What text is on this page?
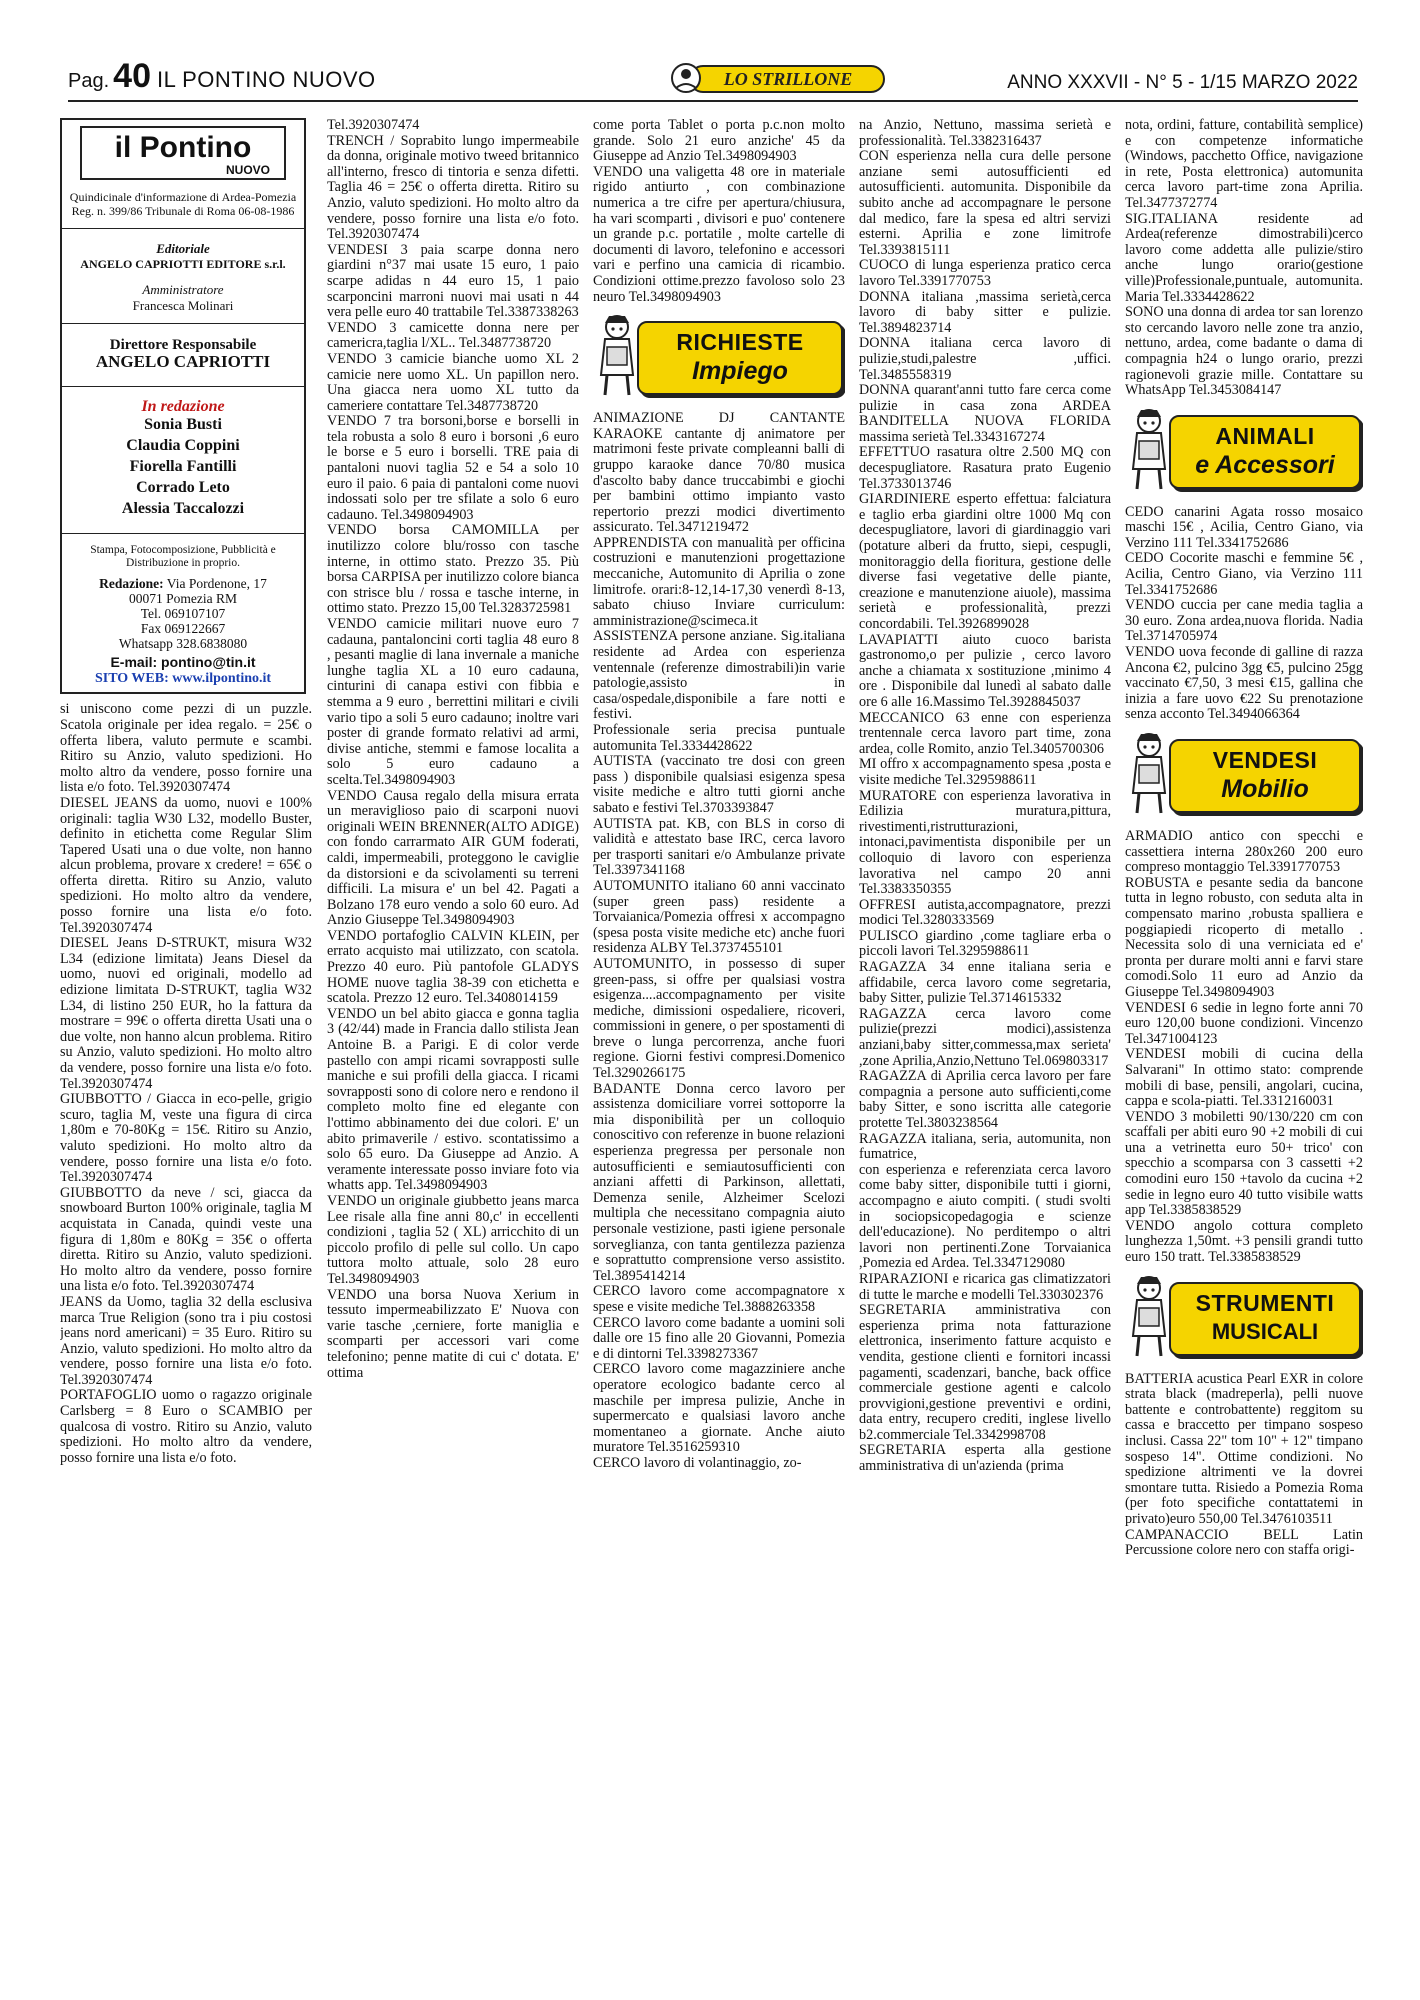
Pag. 40 IL PONTINO NUOVO	LO STRILLONE	ANNO XXXVII - N° 5 - 1/15 MARZO 2022
il Pontino
NUOVO
Quindicinale d'informazione di Ardea-Pomezia Reg. n. 399/86 Tribunale di Roma 06-08-1986
Editoriale
ANGELO CAPRIOTTI EDITORE s.r.l.
Amministratore
Francesca Molinari
Direttore Responsabile
ANGELO CAPRIOTTI
In redazione
Sonia Busti
Claudia Coppini
Fiorella Fantilli
Corrado Leto
Alessia Taccalozzi
Stampa, Fotocomposizione, Pubblicità e Distribuzione in proprio.
Redazione: Via Pordenone, 17
00071 Pomezia RM
Tel. 069107107
Fax 069122667
Whatsapp 328.6838080
E-mail: pontino@tin.it
SITO WEB: www.ilpontino.it

si uniscono come pezzi di un puzzle. Scatola originale per idea regalo. = 25€ o offerta libera, valuto permute e scambi. Ritiro su Anzio, valuto spedizioni. Ho molto altro da vendere, posso fornire una lista e/o foto. Tel.3920307474

DIESEL JEANS da uomo, nuovi e 100% originali: taglia W30 L32, modello Buster, definito in etichetta come Regular Slim Tapered Usati una o due volte, non hanno alcun problema, provare x credere! = 65€ o offerta diretta. Ritiro su Anzio, valuto spedizioni. Ho molto altro da vendere, posso fornire una lista e/o foto. Tel.3920307474

DIESEL Jeans D-STRUKT, misura W32 L34 (edizione limitata) Jeans Diesel da uomo, nuovi ed originali, modello ad edizione limitata D-STRUKT, taglia W32 L34, di listino 250 EUR, ho la fattura da mostrare = 99€ o offerta diretta Usati una o due volte, non hanno alcun problema. Ritiro su Anzio, valuto spedizioni. Ho molto altro da vendere, posso fornire una lista e/o foto. Tel.3920307474

GIUBBOTTO / Giacca in eco-pelle, grigio scuro, taglia M, veste una figura di circa 1,80m e 70-80Kg = 15€. Ritiro su Anzio, valuto spedizioni. Ho molto altro da vendere, posso fornire una lista e/o foto. Tel.3920307474

GIUBBOTTO da neve / sci, giacca da snowboard Burton 100% originale, taglia M acquistata in Canada, quindi veste una figura di 1,80m e 80Kg = 35€ o offerta diretta. Ritiro su Anzio, valuto spedizioni. Ho molto altro da vendere, posso fornire una lista e/o foto. Tel.3920307474

JEANS da Uomo, taglia 32 della esclusiva marca True Religion (sono tra i piu costosi jeans nord americani) = 35 Euro. Ritiro su Anzio, valuto spedizioni. Ho molto altro da vendere, posso fornire una lista e/o foto. Tel.3920307474

PORTAFOGLIO uomo o ragazzo originale Carlsberg = 8 Euro o SCAMBIO per qualcosa di vostro. Ritiro su Anzio, valuto spedizioni. Ho molto altro da vendere, posso fornire una lista e/o foto.

Tel.3920307474

TRENCH / Soprabito lungo impermeabile da donna, originale motivo tweed britannico all'interno, fresco di tintoria e senza difetti. Taglia 46 = 25€ o offerta diretta. Ritiro su Anzio, valuto spedizioni. Ho molto altro da vendere, posso fornire una lista e/o foto. Tel.3920307474

VENDESI 3 paia scarpe donna nero giardini n°37 mai usate 15 euro, 1 paio scarpe adidas n 44 euro 15, 1 paio scarponcini marroni nuovi mai usati n 44 vera pelle euro 40 trattabile Tel.3387338263

VENDO 3 camicette donna nere per camericra,taglia l/XL.. Tel.3487738720

VENDO 3 camicie bianche uomo XL 2 camicie nere uomo XL. Un papillon nero. Una giacca nera uomo XL tutto da cameriere contattare Tel.3487738720

VENDO 7 tra borsoni,borse e borselli in tela robusta a solo 8 euro i borsoni ,6 euro le borse e 5 euro i borselli. TRE paia di pantaloni nuovi taglia 52 e 54 a solo 10 euro il paio. 6 paia di pantaloni come nuovi indossati solo per tre sfilate a solo 6 euro cadauno. Tel.3498094903

VENDO borsa CAMOMILLA per inutilizzo colore blu/rosso con tasche interne, in ottimo stato. Prezzo 35. Più borsa CARPISA per inutilizzo colore bianca con strisce blu / rossa e tasche interne, in ottimo stato. Prezzo 15,00 Tel.3283725981

VENDO camicie militari nuove euro 7 cadauna, pantaloncini corti taglia 48 euro 8 , pesanti maglie di lana invernale a maniche lunghe taglia XL a 10 euro cadauna, cinturini di canapa estivi con fibbia e stemma a 9 euro , berrettini militari e civili vario tipo a soli 5 euro cadauno; inoltre vari poster di grande formato relativi ad armi, divise antiche, stemmi e famose localita a solo 5 euro cadauno a scelta.Tel.3498094903

VENDO Causa regalo della misura errata un meraviglioso paio di scarponi nuovi originali WEIN BRENNER(ALTO ADIGE) con fondo carrarmato AIR GUM foderati, caldi, impermeabili, proteggono le caviglie da distorsioni e da scivolamenti su terreni difficili. La misura e' un bel 42. Pagati a Bolzano 178 euro vendo a solo 60 euro. Ad Anzio Giuseppe Tel.3498094903

VENDO portafoglio CALVIN KLEIN, per errato acquisto mai utilizzato, con scatola. Prezzo 40 euro. Più pantofole GLADYS HOME nuove taglia 38-39 con etichetta e scatola. Prezzo 12 euro. Tel.3408014159

VENDO un bel abito giacca e gonna taglia 3 (42/44) made in Francia dallo stilista Jean Antoine B. a Parigi. E di color verde pastello con ampi ricami sovrapposti sulle maniche e sui profili della giacca. I ricami sovrapposti sono di colore nero e rendono il completo molto fine ed elegante con l'ottimo abbinamento dei due colori. E' un abito primaverile / estivo. scontatissimo a solo 65 euro. Da Giuseppe ad Anzio. A veramente interessate posso inviare foto via whatts app. Tel.3498094903

VENDO un originale giubbetto jeans marca Lee risale alla fine anni 80,c' in eccellenti condizioni , taglia 52 ( XL) arricchito di un piccolo profilo di pelle sul collo. Un capo tuttora molto attuale, solo 28 euro Tel.3498094903

VENDO una borsa Nuova Xerium in tessuto impermeabilizzato E' Nuova con varie tasche ,cerniere, forte maniglia e scomparti per accessori vari come telefonino; penne matite di cui c' dotata. E' ottima

come porta Tablet o porta p.c.non molto grande. Solo 21 euro anziche' 45 da Giuseppe ad Anzio Tel.3498094903

VENDO una valigetta 48 ore in materiale rigido antiurto , con combinazione numerica a tre cifre per apertura/chiusura, ha vari scomparti , divisori e puo' contenere un grande p.c. portatile , molte cartelle di documenti di lavoro, telefonino e accessori vari e perfino una camicia di ricambio. Condizioni ottime.prezzo favoloso solo 23 neuro Tel.3498094903

RICHIESTE
Impiego

ANIMAZIONE DJ CANTANTE KARAOKE cantante dj animatore per matrimoni feste private compleanni balli di gruppo karaoke dance 70/80 musica d'ascolto baby dance truccabimbi e giochi per bambini ottimo impianto vasto repertorio prezzi modici divertimento assicurato. Tel.3471219472

APPRENDISTA con manualità per officina costruzioni e manutenzioni progettazione meccaniche, Automunito di Aprilia o zone limitrofe. orari:8-12,14-17,30 venerdì 8-13, sabato chiuso Inviare curriculum: amministrazione@scimeca.it

ASSISTENZA persone anziane. Sig.italiana residente ad Ardea con esperienza ventennale (referenze dimostrabili)in varie patologie,assisto in casa/ospedale,disponibile a fare notti e festivi.

Professionale seria precisa puntuale automunita Tel.3334428622

AUTISTA (vaccinato tre dosi con green pass ) disponibile qualsiasi esigenza spesa visite mediche e altro tutti giorni anche sabato e festivi Tel.3703393847

AUTISTA pat. KB, con BLS in corso di validità e attestato base IRC, cerca lavoro per trasporti sanitari e/o Ambulanze private Tel.3397341168

AUTOMUNITO italiano 60 anni vaccinato (super green pass) residente a Torvaianica/Pomezia offresi x accompagno (spesa posta visite mediche etc) anche fuori residenza ALBY Tel.3737455101

AUTOMUNITO, in possesso di super green-pass, si offre per qualsiasi vostra esigenza....accompagnamento per visite mediche, dimissioni ospedaliere, ricoveri, commissioni in genere, o per spostamenti di breve o lunga percorrenza, anche fuori regione. Giorni festivi compresi.Domenico Tel.3290266175

BADANTE Donna cerco lavoro per assistenza domiciliare vorrei sottoporre la mia disponibilità per un colloquio conoscitivo con referenze in buone relazioni esperienza pregressa per personale non autosufficienti e semiautosufficienti con anziani affetti di Parkinson, allettati, Demenza senile, Alzheimer Scelozi multipla che necessitano compagnia aiuto personale vestizione, pasti igiene personale sorveglianza, con tanta gentilezza pazienza e soprattutto comprensione verso assistito. Tel.3895414214

CERCO lavoro come accompagnatore x spese e visite mediche Tel.3888263358

CERCO lavoro come badante a uomini soli dalle ore 15 fino alle 20 Giovanni, Pomezia e di dintorni Tel.3398273367

CERCO lavoro come magazziniere anche operatore ecologico badante cerco al maschile per impresa pulizie, Anche in supermercato e qualsiasi lavoro anche momentaneo a giornate. Anche aiuto muratore Tel.3516259310

CERCO lavoro di volantinaggio, zo-

na Anzio, Nettuno, massima serietà e professionalità. Tel.3382316437

CON esperienza nella cura delle persone anziane semi autosufficienti ed autosufficienti. automunita. Disponibile da subito anche ad accompagnare le persone dal medico, fare la spesa ed altri servizi esterni. Aprilia e zone limitrofe Tel.3393815111

CUOCO di lunga esperienza pratico cerca lavoro Tel.3391770753

DONNA italiana ,massima serietà,cerca lavoro di baby sitter e pulizie. Tel.3894823714

DONNA italiana cerca lavoro di pulizie,studi,palestre ,uffici. Tel.3485558319

DONNA quarant'anni tutto fare cerca come pulizie in casa zona ARDEA BANDITELLA NUOVA FLORIDA massima serietà Tel.3343167274

EFFETTUO rasatura oltre 2.500 MQ con decespugliatore. Rasatura prato Eugenio Tel.3733013746

GIARDINIERE esperto effettua: falciatura e taglio erba giardini oltre 1000 Mq con decespugliatore, lavori di giardinaggio vari (potature alberi da frutto, siepi, cespugli, monitoraggio della fioritura, gestione delle diverse fasi vegetative delle piante, creazione e manutenzione aiuole), massima serietà e professionalità, prezzi concordabili. Tel.3926899028

LAVAPIATTI aiuto cuoco barista gastronomo,o per pulizie , cerco lavoro anche a chiamata x sostituzione ,minimo 4 ore . Disponibile dal lunedì al sabato dalle ore 6 alle 16.Massimo Tel.3928845037

MECCANICO 63 enne con esperienza trentennale cerca lavoro part time, zona ardea, colle Romito, anzio Tel.3405700306

MI offro x accompagnamento spesa ,posta e visite mediche Tel.3295988611

MURATORE con esperienza lavorativa in Edilizia muratura,pittura, rivestimenti,ristrutturazioni, intonaci,pavimentista disponibile per un colloquio di lavoro con esperienza lavorativa nel campo 20 anni Tel.3383350355

OFFRESI autista,accompagnatore, prezzi modici Tel.3280333569

PULISCO giardino ,come tagliare erba o piccoli lavori Tel.3295988611

RAGAZZA 34 enne italiana seria e affidabile, cerca lavoro come segretaria, baby Sitter, pulizie Tel.3714615332

RAGAZZA cerca lavoro come pulizie(prezzi modici),assistenza anziani,baby sitter,commessa,max serieta' ,zone Aprilia,Anzio,Nettuno Tel.069803317

RAGAZZA di Aprilia cerca lavoro per fare compagnia a persone auto sufficienti,come baby Sitter, e sono iscritta alle categorie protette Tel.3803238564

RAGAZZA italiana, seria, automunita, non fumatrice,

con esperienza e referenziata cerca lavoro come baby sitter, disponibile tutti i giorni, accompagno e aiuto compiti. ( studi svolti in sociopsicopedagogia e scienze dell'educazione). No perditempo o altri lavori non pertinenti.Zone Torvaianica ,Pomezia ed Ardea. Tel.3347129080

RIPARAZIONI e ricarica gas climatizzatori di tutte le marche e modelli Tel.330302376

SEGRETARIA amministrativa con esperienza prima nota fatturazione elettronica, inserimento fatture acquisto e vendita, gestione clienti e fornitori incassi pagamenti, scadenzari, banche, back office commerciale gestione agenti e calcolo provvigioni,gestione preventivi e ordini, data entry, recupero crediti, inglese livello b2.commerciale Tel.3342998708

SEGRETARIA esperta alla gestione amministrativa di un'azienda (prima

nota, ordini, fatture, contabilità semplice) e con competenze informatiche (Windows, pacchetto Office, navigazione in rete, Posta elettronica) automunita cerca lavoro part-time zona Aprilia. Tel.3477372774

SIG.ITALIANA residente ad Ardea(referenze dimostrabili)cerco lavoro come addetta alle pulizie/stiro anche lungo orario(gestione ville)Professionale,puntuale, automunita. Maria Tel.3334428622

SONO una donna di ardea tor san lorenzo sto cercando lavoro nelle zone tra anzio, nettuno, ardea, come badante o dama di compagnia h24 o lungo orario, prezzi ragionevoli grazie mille. Contattare su WhatsApp Tel.3453084147

ANIMALI
e Accessori

CEDO canarini Agata rosso mosaico maschi 15€ , Acilia, Centro Giano, via Verzino 111 Tel.3341752686

CEDO Cocorite maschi e femmine 5€ , Acilia, Centro Giano, via Verzino 111 Tel.3341752686

VENDO cuccia per cane media taglia a 30 euro. Zona ardea,nuova florida. Nadia Tel.3714705974

VENDO uova feconde di galline di razza Ancona €2, pulcino 3gg €5, pulcino 25gg vaccinato €7,50, 3 mesi €15, gallina che inizia a fare uovo €22 Su prenotazione senza acconto Tel.3494066364

VENDESI
Mobilio

ARMADIO antico con specchi e cassettiera interna 280x260 200 euro compreso montaggio Tel.3391770753

ROBUSTA e pesante sedia da bancone tutta in legno robusto, con seduta alta in compensato marino ,robusta spalliera e poggiapiedi ricoperto di metallo . Necessita solo di una verniciata ed e' pronta per durare molti anni e farvi stare comodi.Solo 11 euro ad Anzio da Giuseppe Tel.3498094903

VENDESI 6 sedie in legno forte anni 70 euro 120,00 buone condizioni. Vincenzo Tel.3471004123

VENDESI mobili di cucina della Salvarani" In ottimo stato: comprende mobili di base, pensili, angolari, cucina, cappa e scola-piatti. Tel.3312160031

VENDO 3 mobiletti 90/130/220 cm con scaffali per abiti euro 90 +2 mobili di cui una a vetrinetta euro 50+ trico' con specchio a scomparsa con 3 cassetti +2 comodini euro 150 +tavolo da cucina +2 sedie in legno euro 40 tutto visibile watts app Tel.3385838529

VENDO angolo cottura completo lunghezza 1,50mt. +3 pensili grandi tutto euro 150 tratt. Tel.3385838529

STRUMENTI
MUSICALI

BATTERIA acustica Pearl EXR in colore strata black (madreperla), pelli nuove battente e controbattente) reggitom su cassa e braccetto per timpano sospeso inclusi. Cassa 22" tom 10" + 12" timpano sospeso 14". Ottime condizioni. No spedizione altrimenti ve la dovrei smontare tutta. Risiedo a Pomezia Roma (per foto specifiche contattatemi in privato)euro 550,00 Tel.3476103511

CAMPANACCIO BELL Latin Percussione colore nero con staffa origi-
